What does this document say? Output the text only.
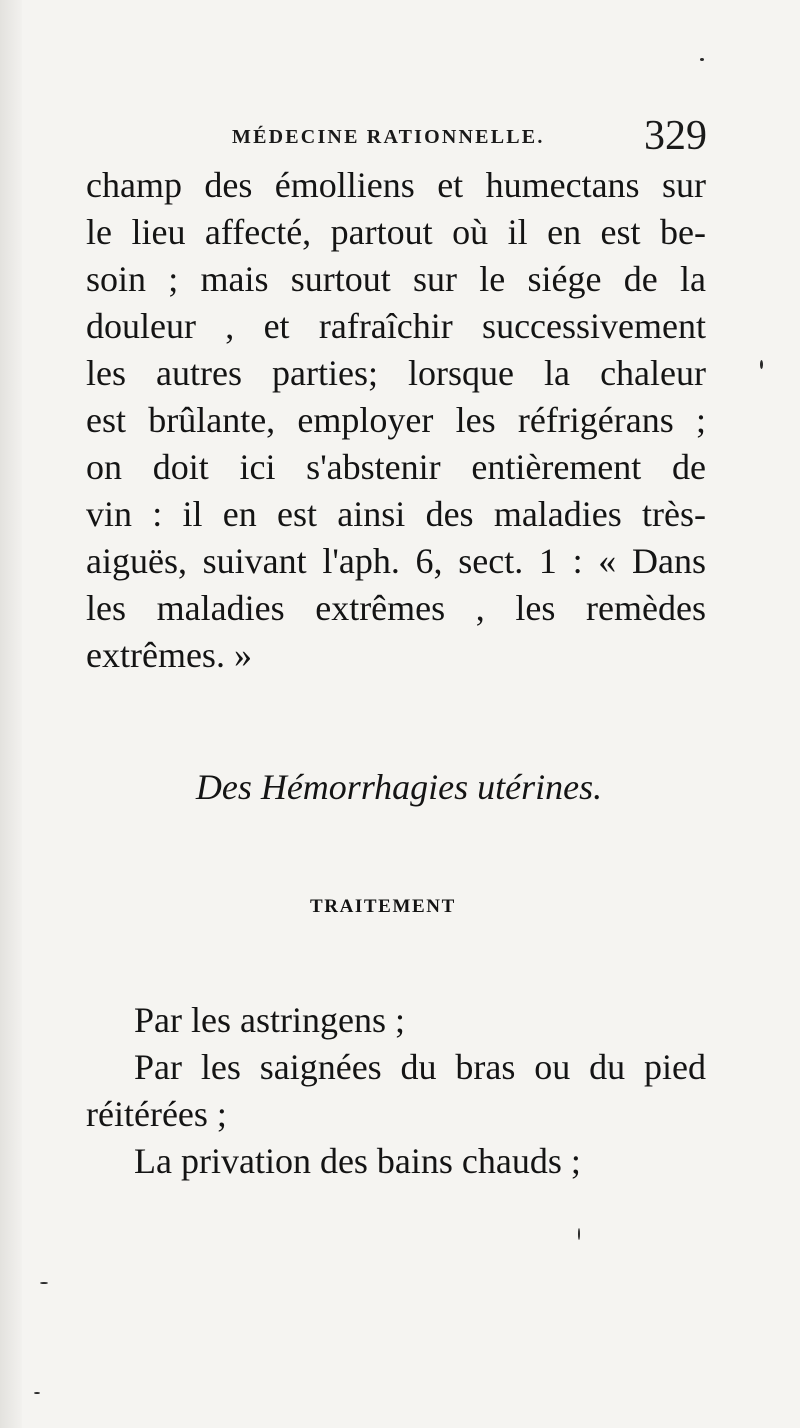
MÉDECINE RATIONNELLE. 329
champ des émolliens et humectans sur
le lieu affecté, partout où il en est be-
soin ; mais surtout sur le siége de la
douleur , et rafraîchir successivement
les autres parties; lorsque la chaleur
est brûlante, employer les réfrigérans ;
on doit ici s'abstenir entièrement de
vin : il en est ainsi des maladies très-
aiguës, suivant l'aph. 6, sect. 1 : « Dans
les maladies extrêmes , les remèdes
extrêmes. »
Des Hémorrhagies utérines.
TRAITEMENT
Par les astringens ;
Par les saignées du bras ou du pied
réitérées ;
La privation des bains chauds ;
